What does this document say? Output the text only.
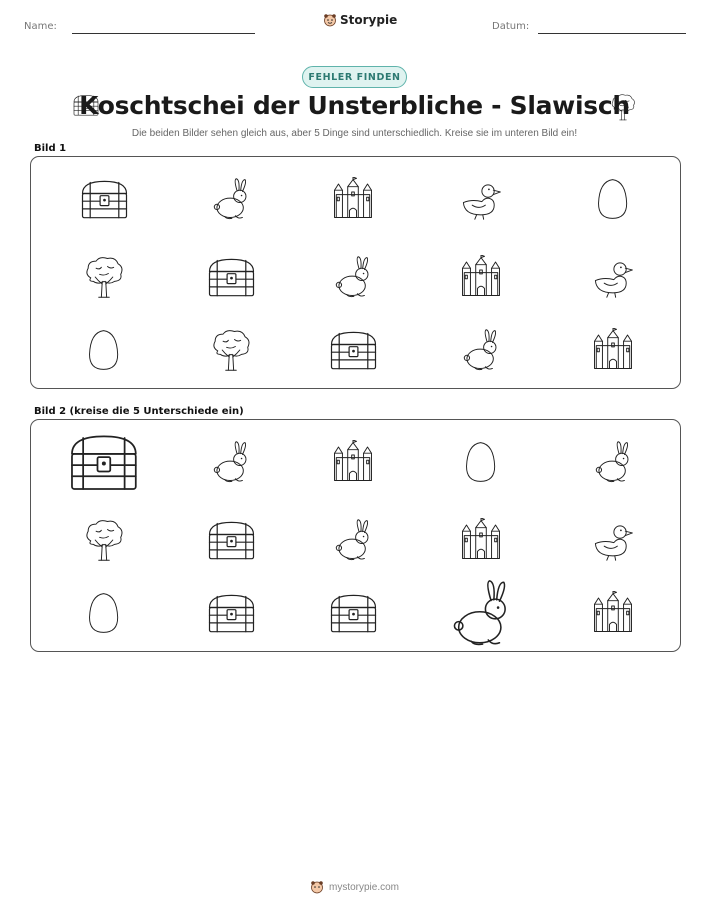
Name:	Storypie	Datum:
FEHLER FINDEN
Koschtschei der Unsterbliche - Slawisch
Die beiden Bilder sehen gleich aus, aber 5 Dinge sind unterschiedlich. Kreise sie im unteren Bild ein!
Bild 1
Bild 2 (kreise die 5 Unterschiede ein)
mystorypie.com
